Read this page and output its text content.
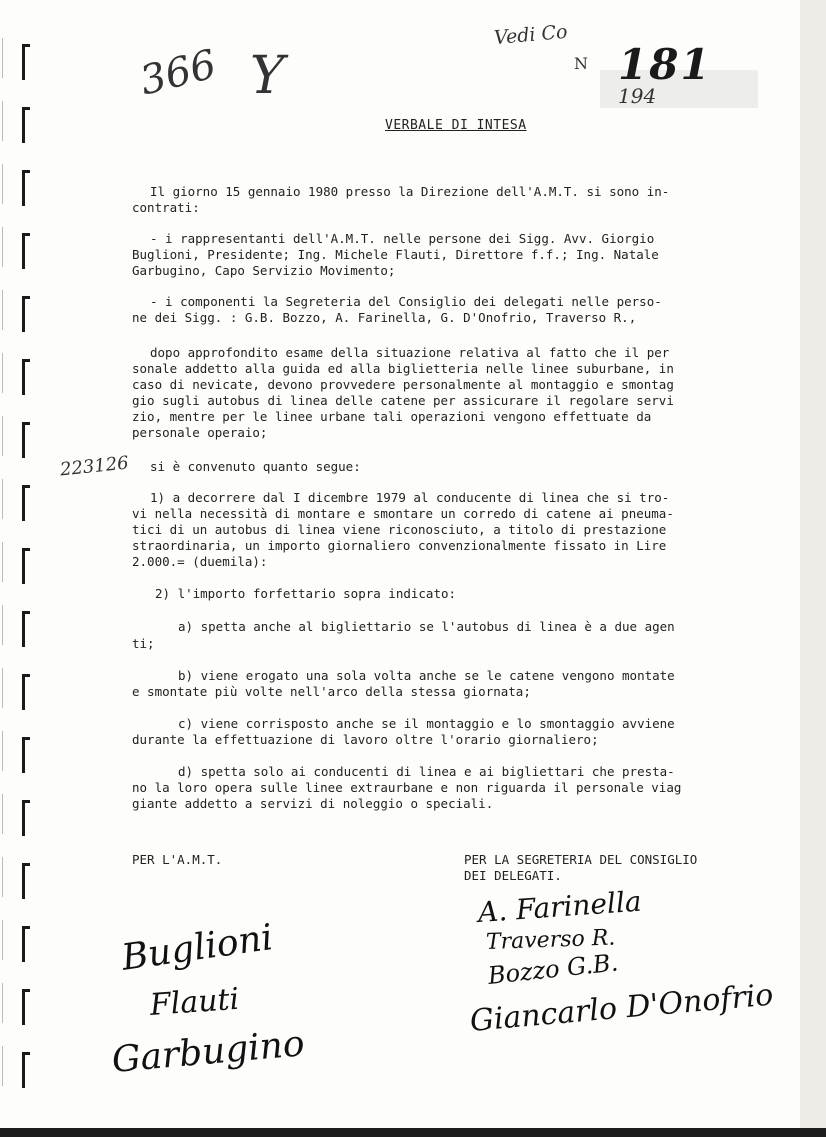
366 Y
Vedi Co
N 181
194
223126
VERBALE DI INTESA
Il giorno 15 gennaio 1980 presso la Direzione dell'A.M.T. si sono in-
contrati:
- i rappresentanti dell'A.M.T. nelle persone dei Sigg. Avv. Giorgio
Buglioni, Presidente; Ing. Michele Flauti, Direttore f.f.; Ing. Natale
Garbugino, Capo Servizio Movimento;
- i componenti la Segreteria del Consiglio dei delegati nelle perso-
ne dei Sigg. : G.B. Bozzo, A. Farinella, G. D'Onofrio, Traverso R.,
dopo approfondito esame della situazione relativa al fatto che il per
sonale addetto alla guida ed alla biglietteria nelle linee suburbane, in
caso di nevicate, devono provvedere personalmente al montaggio e smontag
gio sugli autobus di linea delle catene per assicurare il regolare servi
zio, mentre per le linee urbane tali operazioni vengono effettuate da
personale operaio;
si è convenuto quanto segue:
1) a decorrere dal I dicembre 1979 al conducente di linea che si tro-
vi nella necessità di montare e smontare un corredo di catene ai pneuma-
tici di un autobus di linea viene riconosciuto, a titolo di prestazione
straordinaria, un importo giornaliero convenzionalmente fissato in Lire
2.000.= (duemila):
2) l'importo forfettario sopra indicato:
a) spetta anche al bigliettario se l'autobus di linea è a due agen
ti;
b) viene erogato una sola volta anche se le catene vengono montate
e smontate più volte nell'arco della stessa giornata;
c) viene corrisposto anche se il montaggio e lo smontaggio avviene
durante la effettuazione di lavoro oltre l'orario giornaliero;
d) spetta solo ai conducenti di linea e ai bigliettari che presta-
no la loro opera sulle linee extraurbane e non riguarda il personale viag
giante addetto a servizi di noleggio o speciali.
PER L'A.M.T.	PER LA SEGRETERIA DEL CONSIGLIO
DEI DELEGATI.
Buglioni
Flauti
Garbugino
A. Farinella
Traverso R.
Bozzo G.B.
Giancarlo D'Onofrio
